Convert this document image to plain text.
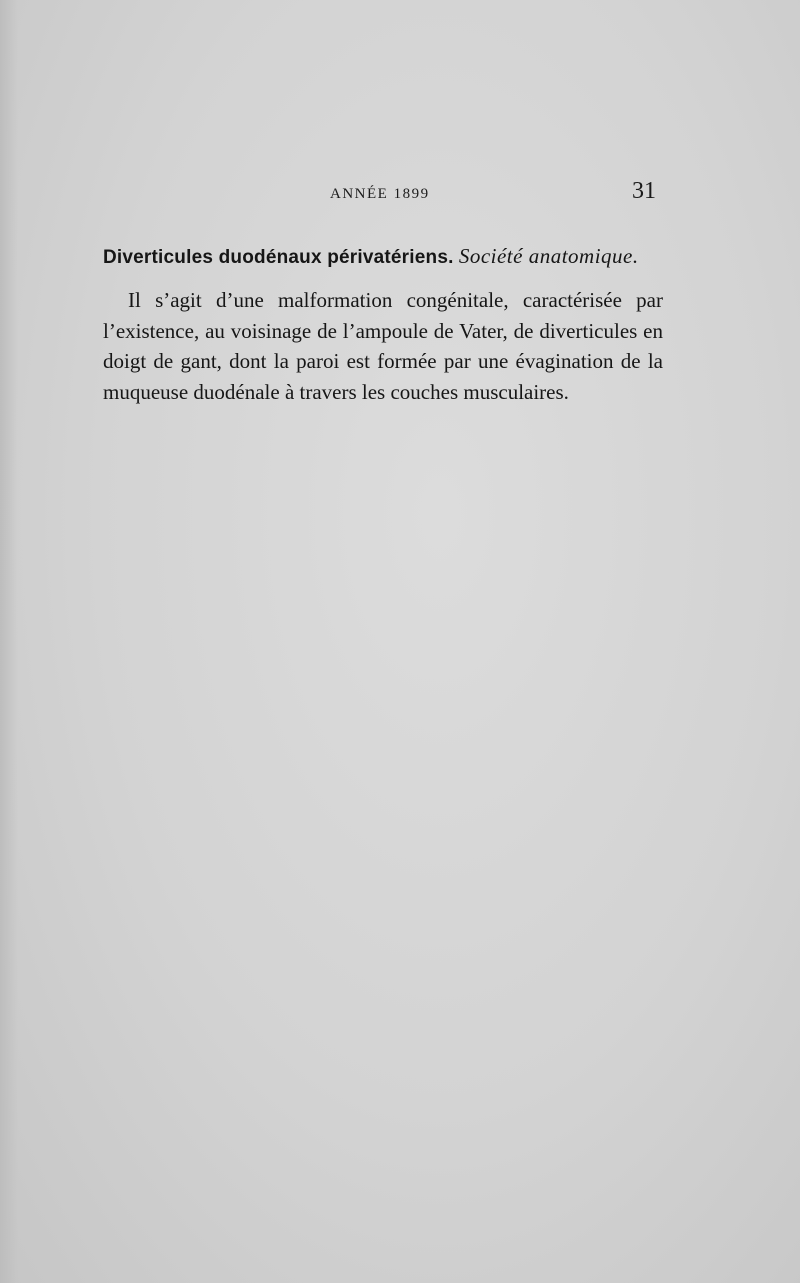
ANNÉE 1899	31

Diverticules duodénaux périvatériens. Société anatomique.

Il s’agit d’une malformation congénitale, caractérisée par l’existence, au voisinage de l’ampoule de Vater, de diverticules en doigt de gant, dont la paroi est formée par une évagination de la muqueuse duodénale à travers les couches musculaires.
